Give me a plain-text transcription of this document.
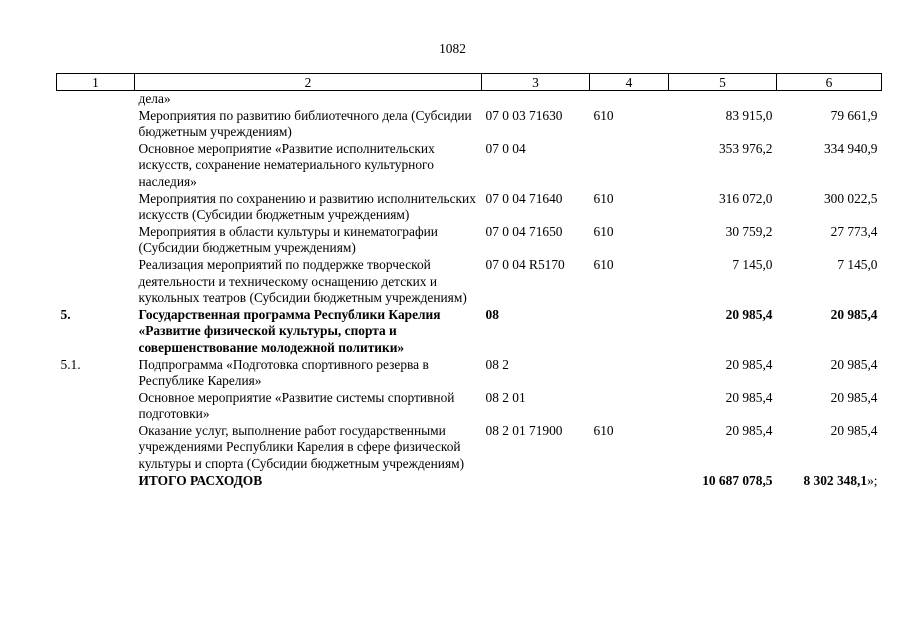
1082
1	2	3	4	5	6
	дела»				
	Мероприятия по развитию библиотечного дела (Субсидии бюджетным учреждениям)	07 0 03 71630	610	83 915,0	79 661,9
	Основное мероприятие «Развитие исполнительских искусств, сохранение нематериального культурного наследия»	07 0 04		353 976,2	334 940,9
	Мероприятия по сохранению и развитию исполнительских искусств (Субсидии бюджетным учреждениям)	07 0 04 71640	610	316 072,0	300 022,5
	Мероприятия в области культуры и кинематографии (Субсидии бюджетным учреждениям)	07 0 04 71650	610	30 759,2	27 773,4
	Реализация мероприятий по поддержке творческой деятельности и техническому оснащению детских и кукольных театров (Субсидии бюджетным учреждениям)	07 0 04 R5170	610	7 145,0	7 145,0
5.	Государственная программа Республики Карелия «Развитие физической культуры, спорта и совершенствование молодежной политики»	08		20 985,4	20 985,4
5.1.	Подпрограмма «Подготовка спортивного резерва в Республике Карелия»	08 2		20 985,4	20 985,4
	Основное мероприятие «Развитие системы спортивной подготовки»	08 2 01		20 985,4	20 985,4
	Оказание услуг, выполнение работ государственными учреждениями Республики Карелия в сфере физической культуры и спорта (Субсидии бюджетным учреждениям)	08 2 01 71900	610	20 985,4	20 985,4
	ИТОГО РАСХОДОВ			10 687 078,5	8 302 348,1»;
